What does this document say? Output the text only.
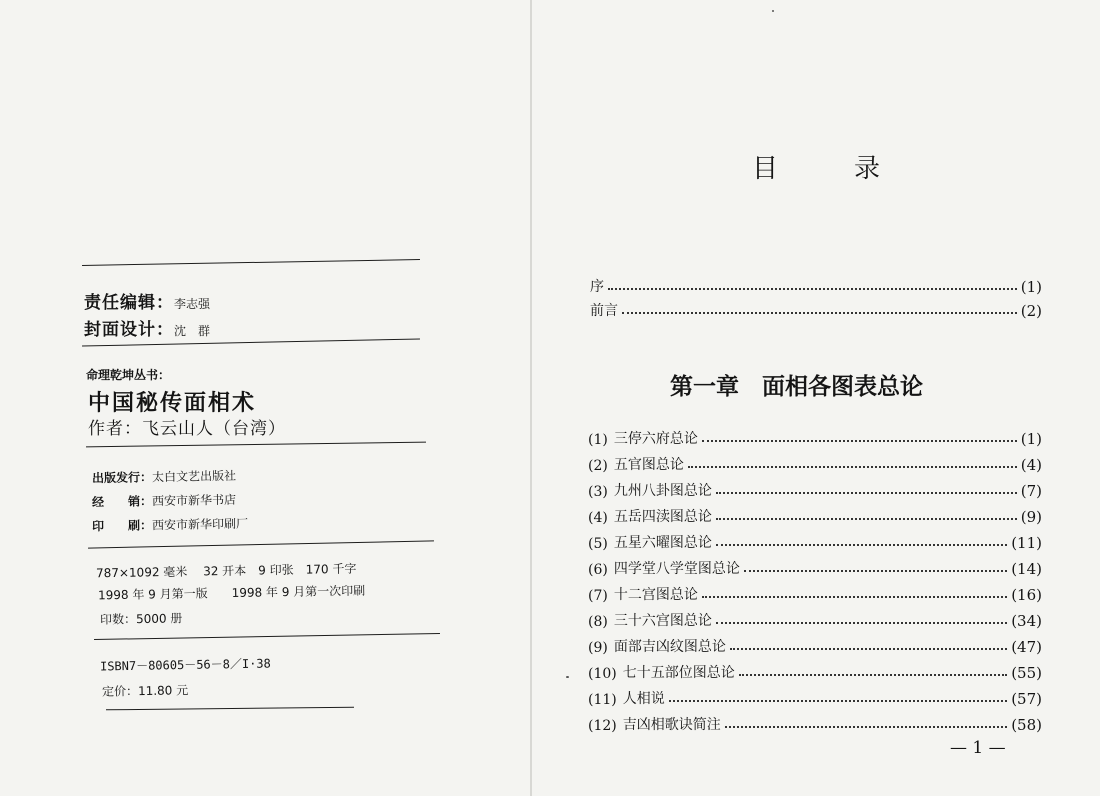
责任编辑：李志强
封面设计：沈　群
命理乾坤丛书：
中国秘传面相术
作者：飞云山人（台湾）
出版发行：太白文艺出版社
经　　销：西安市新华书店
印　　刷：西安市新华印刷厂
787×1092 毫米　 32 开本　9 印张　170 千字
1998 年 9 月第一版　　1998 年 9 月第一次印刷
印数：5000 册
ISBN7－80605－56－8／I·38
定价：11.80 元
目	录
序	(1)
前言	(2)
第一章　面相各图表总论
(1) 三停六府总论	(1)
(2) 五官图总论	(4)
(3) 九州八卦图总论	(7)
(4) 五岳四渎图总论	(9)
(5) 五星六曜图总论	(11)
(6) 四学堂八学堂图总论	(14)
(7) 十二宫图总论	(16)
(8) 三十六宫图总论	(34)
(9) 面部吉凶纹图总论	(47)
(10) 七十五部位图总论	(55)
(11) 人相说	(57)
(12) 吉凶相歌诀简注	(58)
— 1 —
